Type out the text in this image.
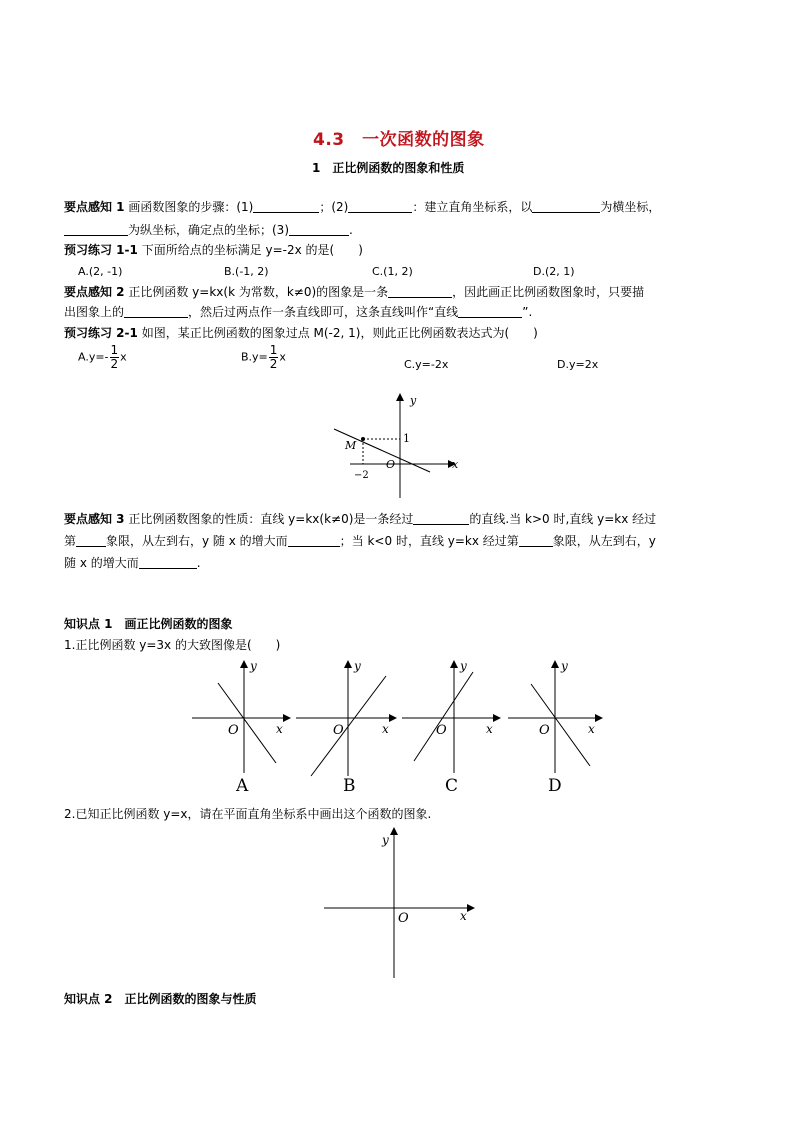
4.3　一次函数的图象
1　正比例函数的图象和性质
要点感知 1 画函数图象的步骤：(1)	；(2)	：建立直角坐标系，以	为横坐标，
为纵坐标，确定点的坐标；(3)	.
预习练习 1-1 下面所给点的坐标满足 y=-2x 的是(　　)
A.(2, -1)	B.(-1, 2)	C.(1, 2)	D.(2, 1)
要点感知 2 正比例函数 y=kx(k 为常数，k≠0)的图象是一条	，因此画正比例函数图象时，只要描
出图象上的	，然后过两点作一条直线即可，这条直线叫作“直线	”.
预习练习 2-1 如图，某正比例函数的图象过点 M(-2, 1)，则此正比例函数表达式为(　　)
$A.y=- \frac{1}{2}$ x	$B.y= \frac{1}{2}$ x
C.y=-2x	D.y=2x
y
x
O
M
1
−2
要点感知 3 正比例函数图象的性质：直线 y=kx(k≠0)是一条经过	的直线.当 k>0 时,直线 y=kx 经过
第	象限，从左到右，y 随 x 的增大而	；当 k<0 时，直线 y=kx 经过第	象限，从左到右，y
随 x 的增大而	.
知识点 1　画正比例函数的图象
1.正比例函数 y=3x 的大致图像是(　　)
y
x
O
A
y
x
O
B
y
x
O
C
y
x
O
D
2.已知正比例函数 y=x，请在平面直角坐标系中画出这个函数的图象.
y
x
O
知识点 2　正比例函数的图象与性质
